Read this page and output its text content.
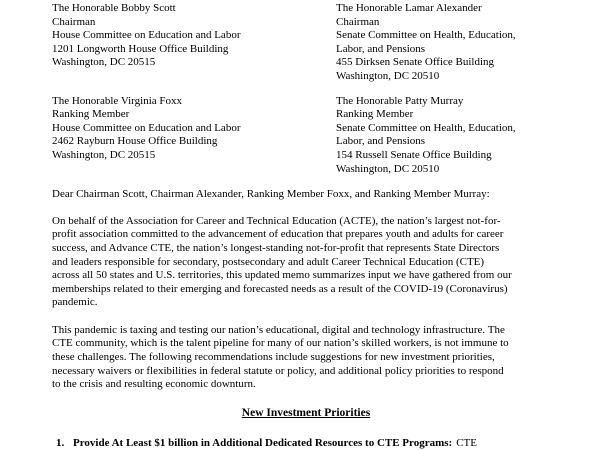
The Honorable Bobby Scott
Chairman
House Committee on Education and Labor
1201 Longworth House Office Building
Washington, DC 20515
The Honorable Lamar Alexander
Chairman
Senate Committee on Health, Education,
Labor, and Pensions
455 Dirksen Senate Office Building
Washington, DC 20510
The Honorable Virginia Foxx
Ranking Member
House Committee on Education and Labor
2462 Rayburn House Office Building
Washington, DC 20515
The Honorable Patty Murray
Ranking Member
Senate Committee on Health, Education,
Labor, and Pensions
154 Russell Senate Office Building
Washington, DC 20510
Dear Chairman Scott, Chairman Alexander, Ranking Member Foxx, and Ranking Member Murray:
On behalf of the Association for Career and Technical Education (ACTE), the nation’s largest not-for-
profit association committed to the advancement of education that prepares youth and adults for career
success, and Advance CTE, the nation’s longest-standing not-for-profit that represents State Directors
and leaders responsible for secondary, postsecondary and adult Career Technical Education (CTE)
across all 50 states and U.S. territories, this updated memo summarizes input we have gathered from our
memberships related to their emerging and forecasted needs as a result of the COVID-19 (Coronavirus)
pandemic.
This pandemic is taxing and testing our nation’s educational, digital and technology infrastructure. The
CTE community, which is the talent pipeline for many of our nation’s skilled workers, is not immune to
these challenges. The following recommendations include suggestions for new investment priorities,
necessary waivers or flexibilities in federal statute or policy, and additional policy priorities to respond
to the crisis and resulting economic downturn.
New Investment Priorities
1. Provide At Least $1 billion in Additional Dedicated Resources to CTE Programs: CTE
